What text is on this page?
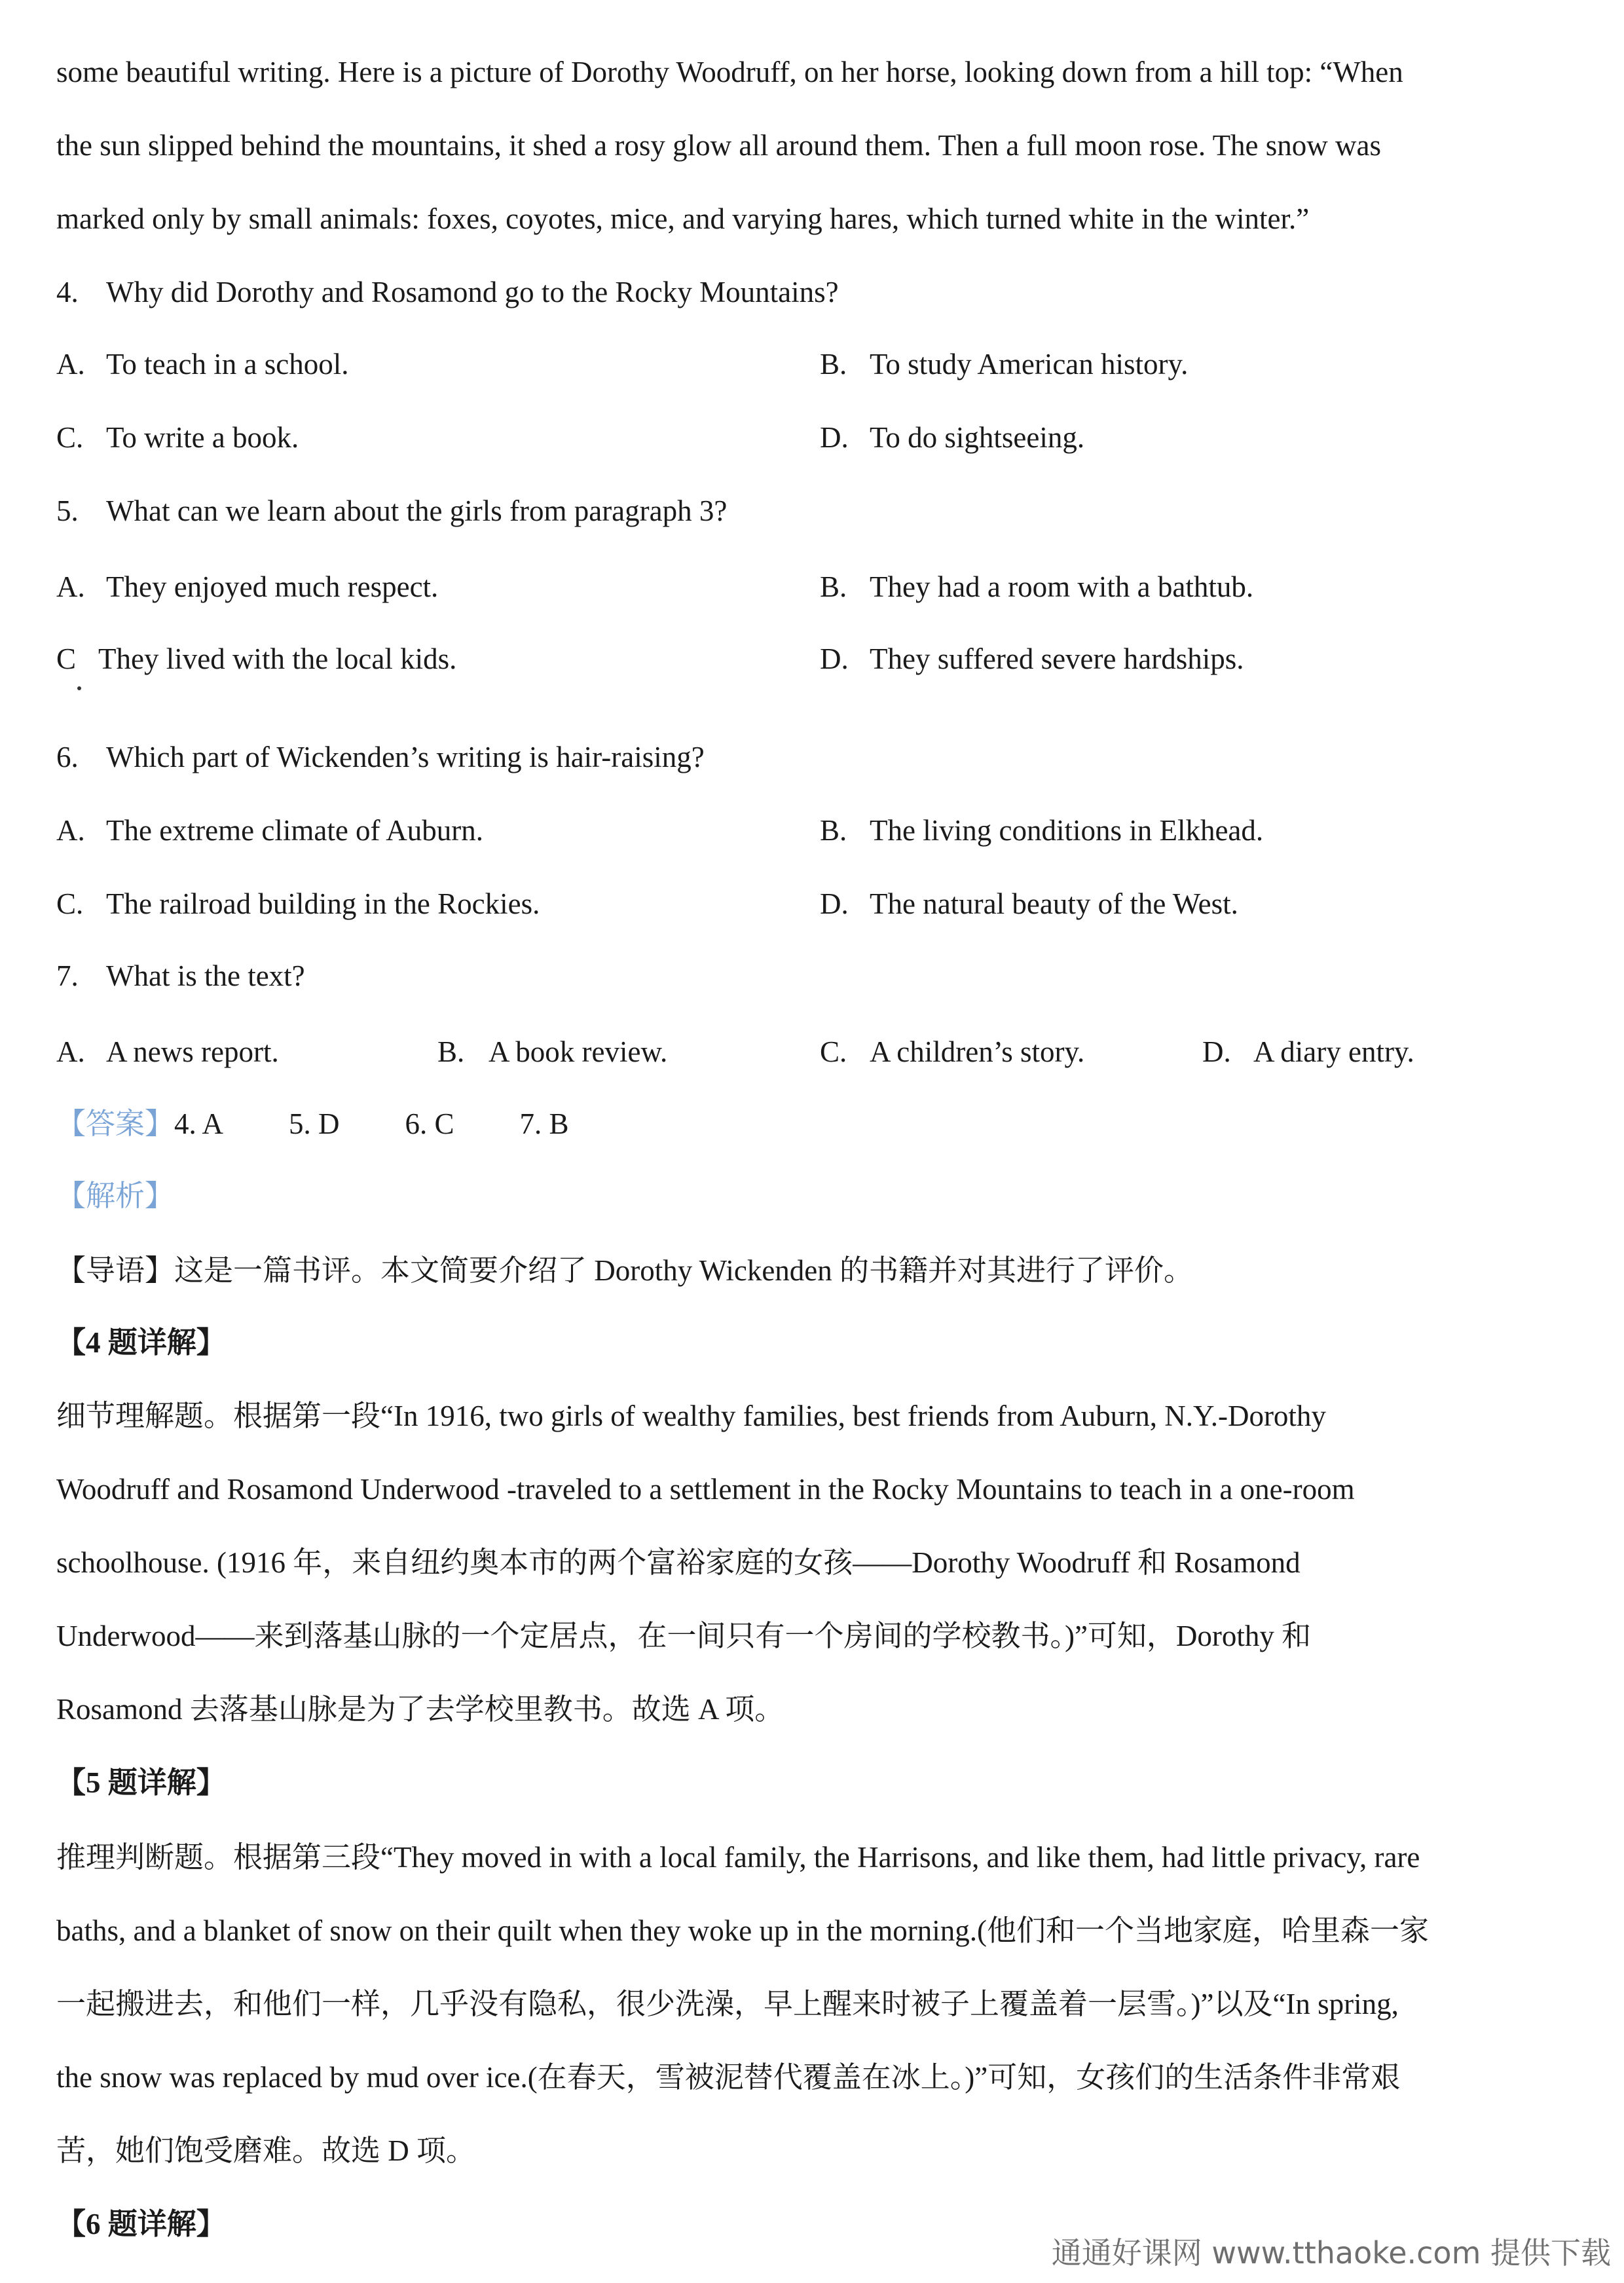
some beautiful writing. Here is a picture of Dorothy Woodruff, on her horse, looking down from a hill top: “When
the sun slipped behind the mountains, it shed a rosy glow all around them. Then a full moon rose. The snow was
marked only by small animals: foxes, coyotes, mice, and varying hares, which turned white in the winter.”
4. Why did Dorothy and Rosamond go to the Rocky Mountains?
A. To teach in a school.	B. To study American history.
C. To write a book.	D. To do sightseeing.
5. What can we learn about the girls from paragraph 3?
A. They enjoyed much respect.	B. They had a room with a bathtub.
C They lived with the local kids.	D. They suffered severe hardships.
6. Which part of Wickenden’s writing is hair-raising?
A. The extreme climate of Auburn.	B. The living conditions in Elkhead.
C. The railroad building in the Rockies.	D. The natural beauty of the West.
7. What is the text?
A. A news report.	B. A book review.	C. A children’s story.	D. A diary entry.
【答案】4. A 5. D 6. C 7. B
【解析】
【导语】这是一篇书评。本文简要介绍了 Dorothy Wickenden 的书籍并对其进行了评价。
【4 题详解】
细节理解题。根据第一段“In 1916, two girls of wealthy families, best friends from Auburn, N.Y.-Dorothy
Woodruff and Rosamond Underwood -traveled to a settlement in the Rocky Mountains to teach in a one-room
schoolhouse. (1916 年，来自纽约奥本市的两个富裕家庭的女孩——Dorothy Woodruff 和 Rosamond
Underwood——来到落基山脉的一个定居点，在一间只有一个房间的学校教书。)”可知，Dorothy 和
Rosamond 去落基山脉是为了去学校里教书。故选 A 项。
【5 题详解】
推理判断题。根据第三段“They moved in with a local family, the Harrisons, and like them, had little privacy, rare
baths, and a blanket of snow on their quilt when they woke up in the morning.(他们和一个当地家庭，哈里森一家
一起搬进去，和他们一样，几乎没有隐私，很少洗澡，早上醒来时被子上覆盖着一层雪。)”以及“In spring,
the snow was replaced by mud over ice.(在春天，雪被泥替代覆盖在冰上。)”可知，女孩们的生活条件非常艰
苦，她们饱受磨难。故选 D 项。
【6 题详解】
通通好课网 www.tthaoke.com 提供下载
